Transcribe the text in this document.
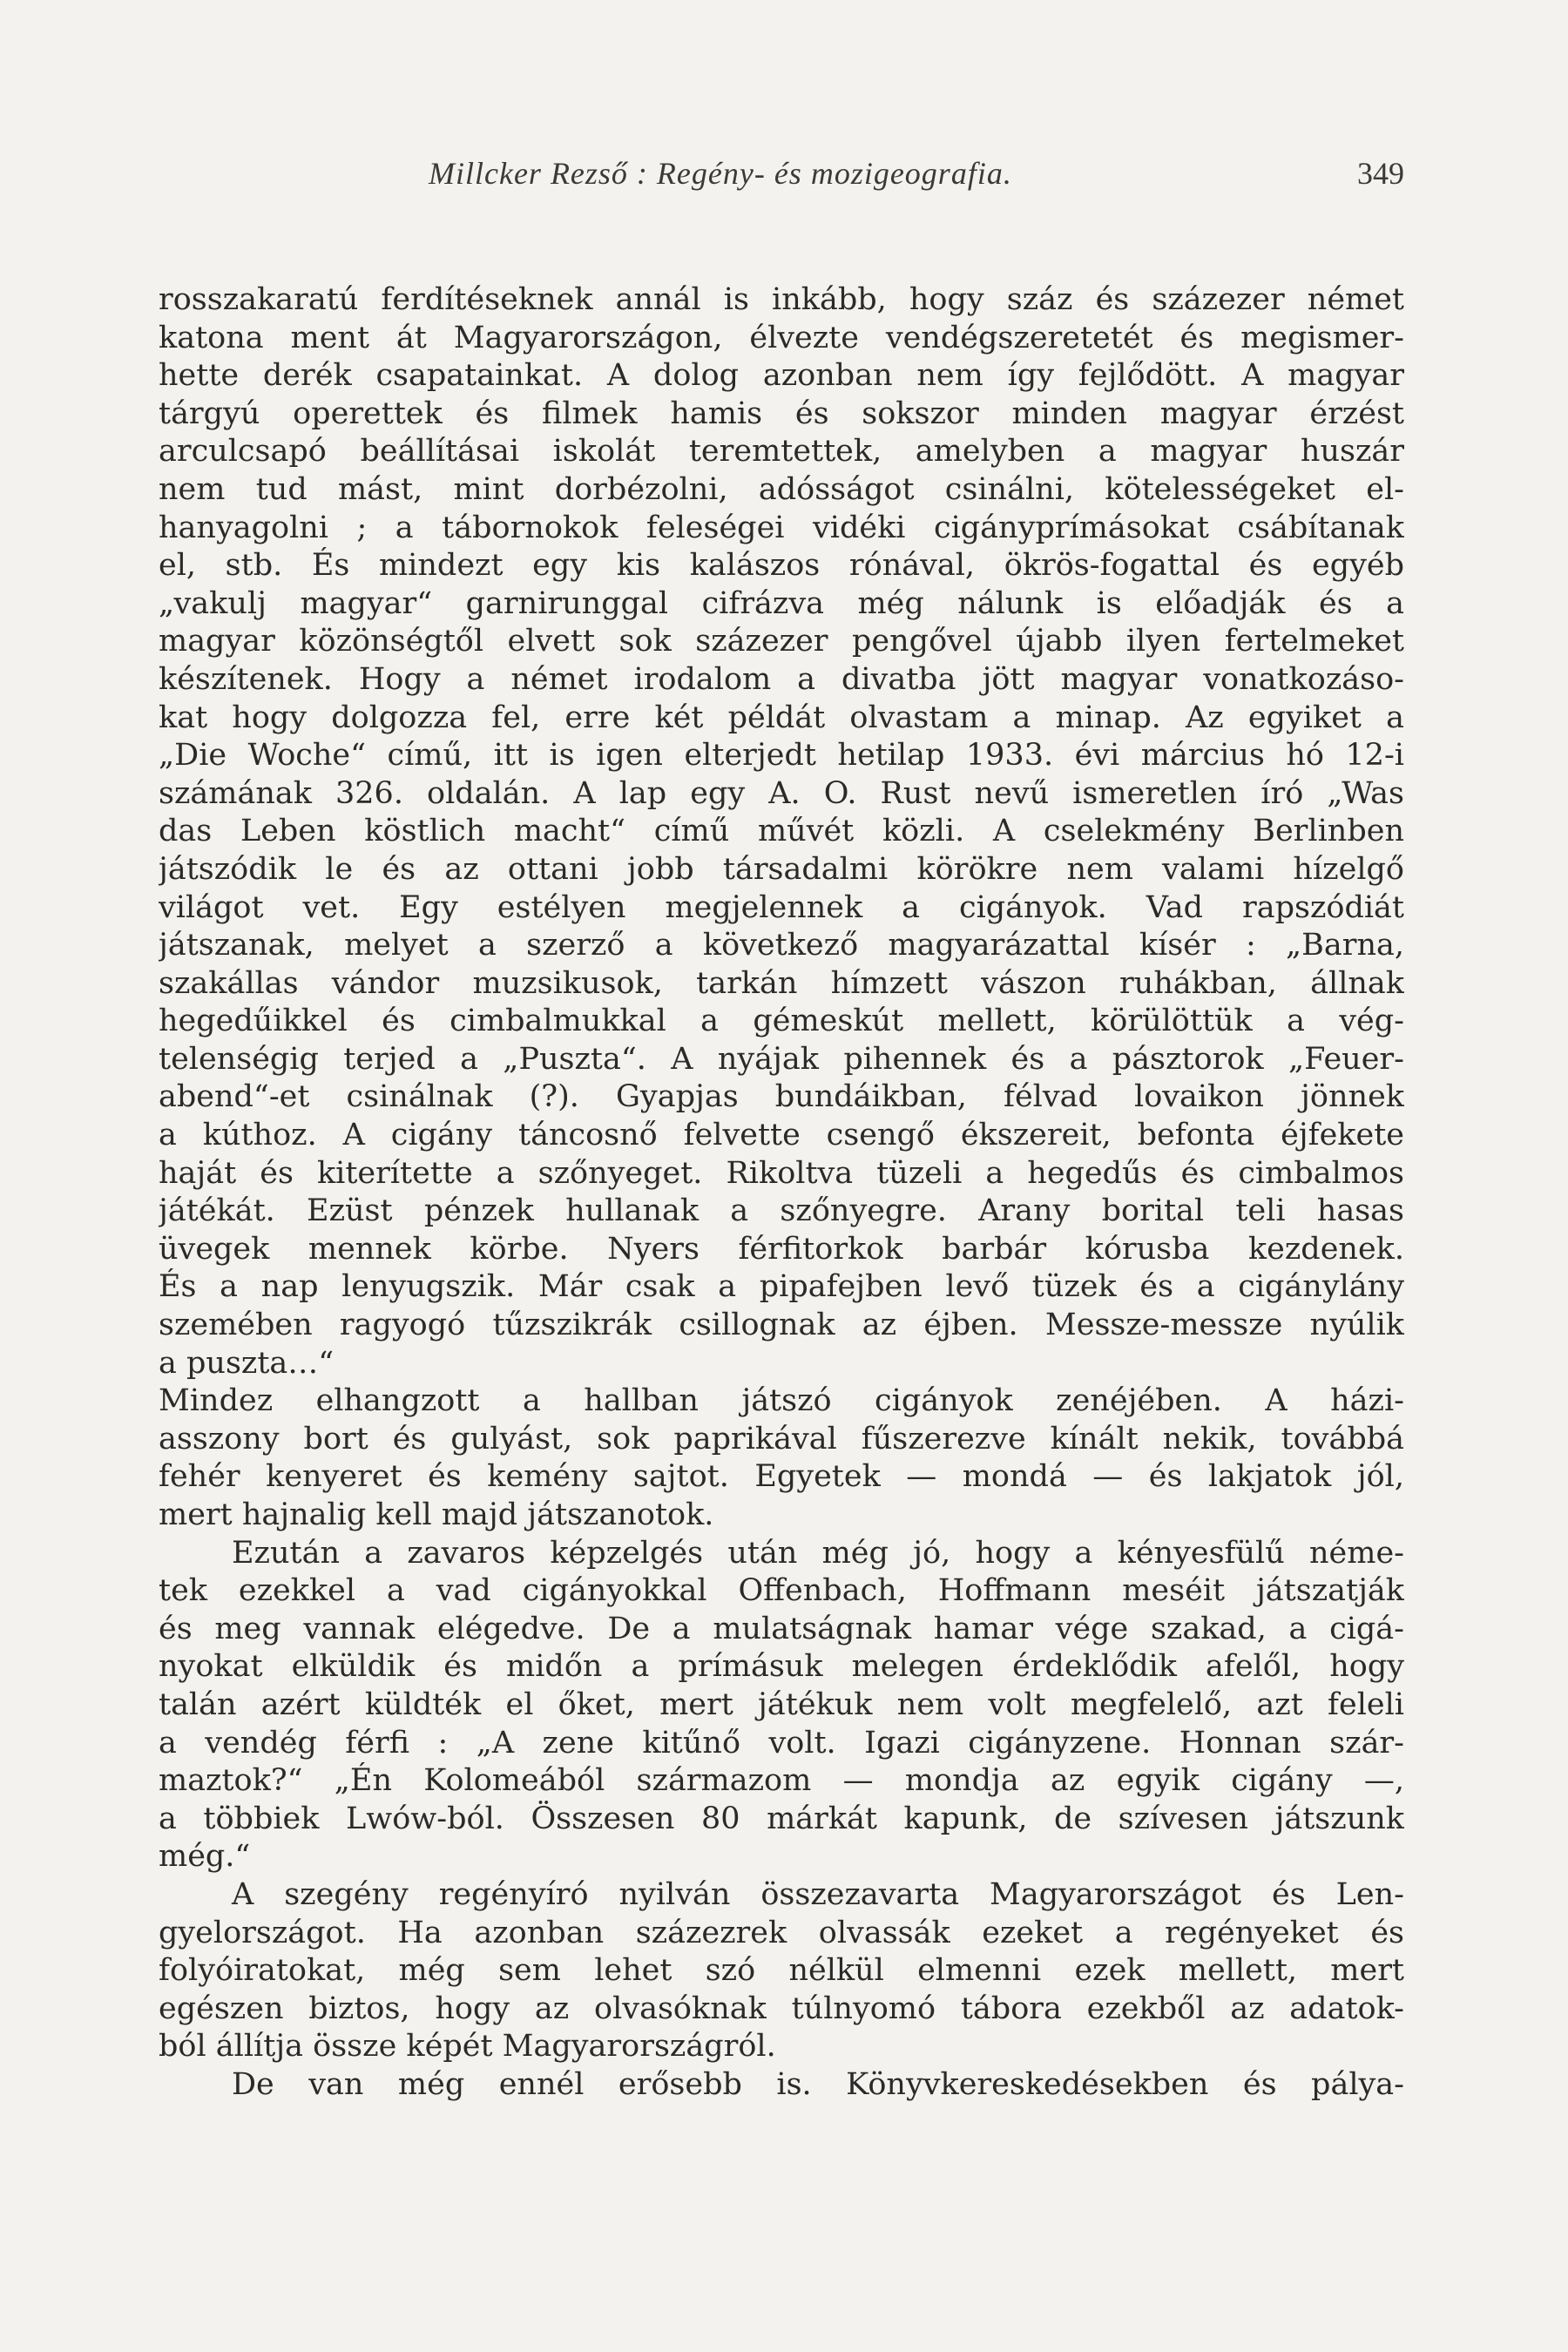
Millcker Rezső : Regény- és mozigeografia.	349
rosszakaratú ferdítéseknek annál is inkább, hogy száz és százezer német
katona ment át Magyarországon, élvezte vendégszeretetét és megismer-
hette derék csapatainkat. A dolog azonban nem így fejlődött. A magyar
tárgyú operettek és filmek hamis és sokszor minden magyar érzést
arculcsapó beállításai iskolát teremtettek, amelyben a magyar huszár
nem tud mást, mint dorbézolni, adósságot csinálni, kötelességeket el-
hanyagolni ; a tábornokok feleségei vidéki cigányprímásokat csábítanak
el, stb. És mindezt egy kis kalászos rónával, ökrös-fogattal és egyéb
„vakulj magyar“ garnirunggal cifrázva még nálunk is előadják és a
magyar közönségtől elvett sok százezer pengővel újabb ilyen fertelmeket
készítenek. Hogy a német irodalom a divatba jött magyar vonatkozáso-
kat hogy dolgozza fel, erre két példát olvastam a minap. Az egyiket a
„Die Woche“ című, itt is igen elterjedt hetilap 1933. évi március hó 12-i
számának 326. oldalán. A lap egy A. O. Rust nevű ismeretlen író „Was
das Leben köstlich macht“ című művét közli. A cselekmény Berlinben
játszódik le és az ottani jobb társadalmi körökre nem valami hízelgő
világot vet. Egy estélyen megjelennek a cigányok. Vad rapszódiát
játszanak, melyet a szerző a következő magyarázattal kísér : „Barna,
szakállas vándor muzsikusok, tarkán hímzett vászon ruhákban, állnak
hegedűikkel és cimbalmukkal a gémeskút mellett, körülöttük a vég-
telenségig terjed a „Puszta“. A nyájak pihennek és a pásztorok „Feuer-
abend“-et csinálnak (?). Gyapjas bundáikban, félvad lovaikon jönnek
a kúthoz. A cigány táncosnő felvette csengő ékszereit, befonta éjfekete
haját és kiterítette a szőnyeget. Rikoltva tüzeli a hegedűs és cimbalmos
játékát. Ezüst pénzek hullanak a szőnyegre. Arany borital teli hasas
üvegek mennek körbe. Nyers férfitorkok barbár kórusba kezdenek.
És a nap lenyugszik. Már csak a pipafejben levő tüzek és a cigánylány
szemében ragyogó tűzszikrák csillognak az éjben. Messze-messze nyúlik
a puszta…“
Mindez elhangzott a hallban játszó cigányok zenéjében. A házi-
asszony bort és gulyást, sok paprikával fűszerezve kínált nekik, továbbá
fehér kenyeret és kemény sajtot. Egyetek — mondá — és lakjatok jól,
mert hajnalig kell majd játszanotok.
Ezután a zavaros képzelgés után még jó, hogy a kényesfülű néme-
tek ezekkel a vad cigányokkal Offenbach, Hoffmann meséit játszatják
és meg vannak elégedve. De a mulatságnak hamar vége szakad, a cigá-
nyokat elküldik és midőn a prímásuk melegen érdeklődik afelől, hogy
talán azért küldték el őket, mert játékuk nem volt megfelelő, azt feleli
a vendég férfi : „A zene kitűnő volt. Igazi cigányzene. Honnan szár-
maztok?“ „Én Kolomeából származom — mondja az egyik cigány —,
a többiek Lwów-ból. Összesen 80 márkát kapunk, de szívesen játszunk
még.“
A szegény regényíró nyilván összezavarta Magyarországot és Len-
gyelországot. Ha azonban százezrek olvassák ezeket a regényeket és
folyóiratokat, még sem lehet szó nélkül elmenni ezek mellett, mert
egészen biztos, hogy az olvasóknak túlnyomó tábora ezekből az adatok-
ból állítja össze képét Magyarországról.
De van még ennél erősebb is. Könyvkereskedésekben és pálya-
